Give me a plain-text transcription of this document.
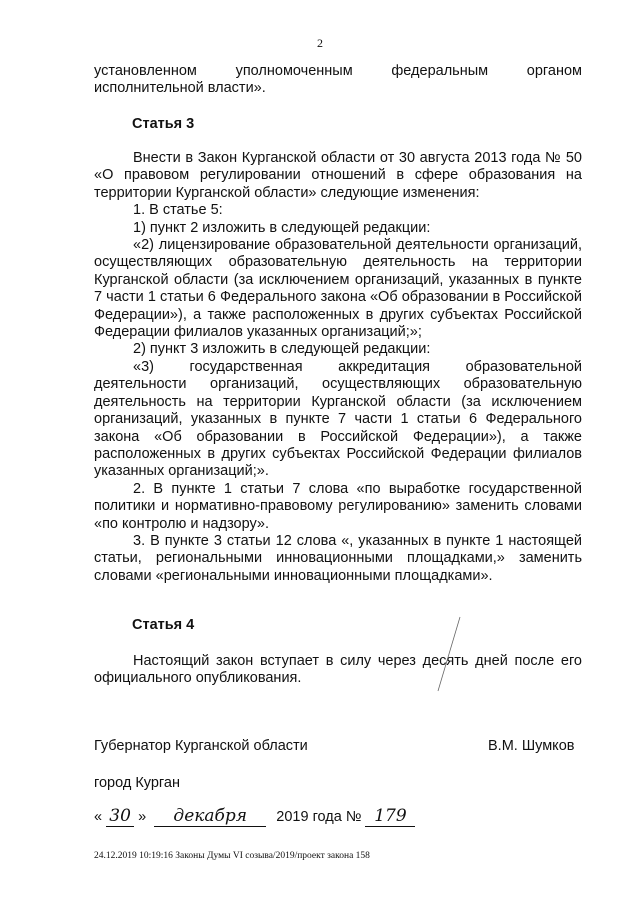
2

установленном уполномоченным федеральным органом исполнительной власти».

Статья 3

Внести в Закон Курганской области от 30 августа 2013 года № 50 «О правовом регулировании отношений в сфере образования на территории Курганской области» следующие изменения:

1. В статье 5:

1) пункт 2 изложить в следующей редакции:

«2) лицензирование образовательной деятельности организаций, осуществляющих образовательную деятельность на территории Курганской области (за исключением организаций, указанных в пункте 7 части 1 статьи 6 Федерального закона «Об образовании в Российской Федерации»), а также расположенных в других субъектах Российской Федерации филиалов указанных организаций;»;

2) пункт 3 изложить в следующей редакции:

«3) государственная аккредитация образовательной деятельности организаций, осуществляющих образовательную деятельность на территории Курганской области (за исключением организаций, указанных в пункте 7 части 1 статьи 6 Федерального закона «Об образовании в Российской Федерации»), а также расположенных в других субъектах Российской Федерации филиалов указанных организаций;».

2. В пункте 1 статьи 7 слова «по выработке государственной политики и нормативно-правовому регулированию» заменить словами «по контролю и надзору».

3. В пункте 3 статьи 12 слова «, указанных в пункте 1 настоящей статьи, региональными инновационными площадками,» заменить словами «региональными инновационными площадками».

Статья 4

Настоящий закон вступает в силу через десять дней после его официального опубликования.

Губернатор Курганской области	В.М. Шумков
город Курган
« 30 » декабря 2019 года № 179
24.12.2019 10:19:16 Законы Думы VI созыва/2019/проект закона 158
